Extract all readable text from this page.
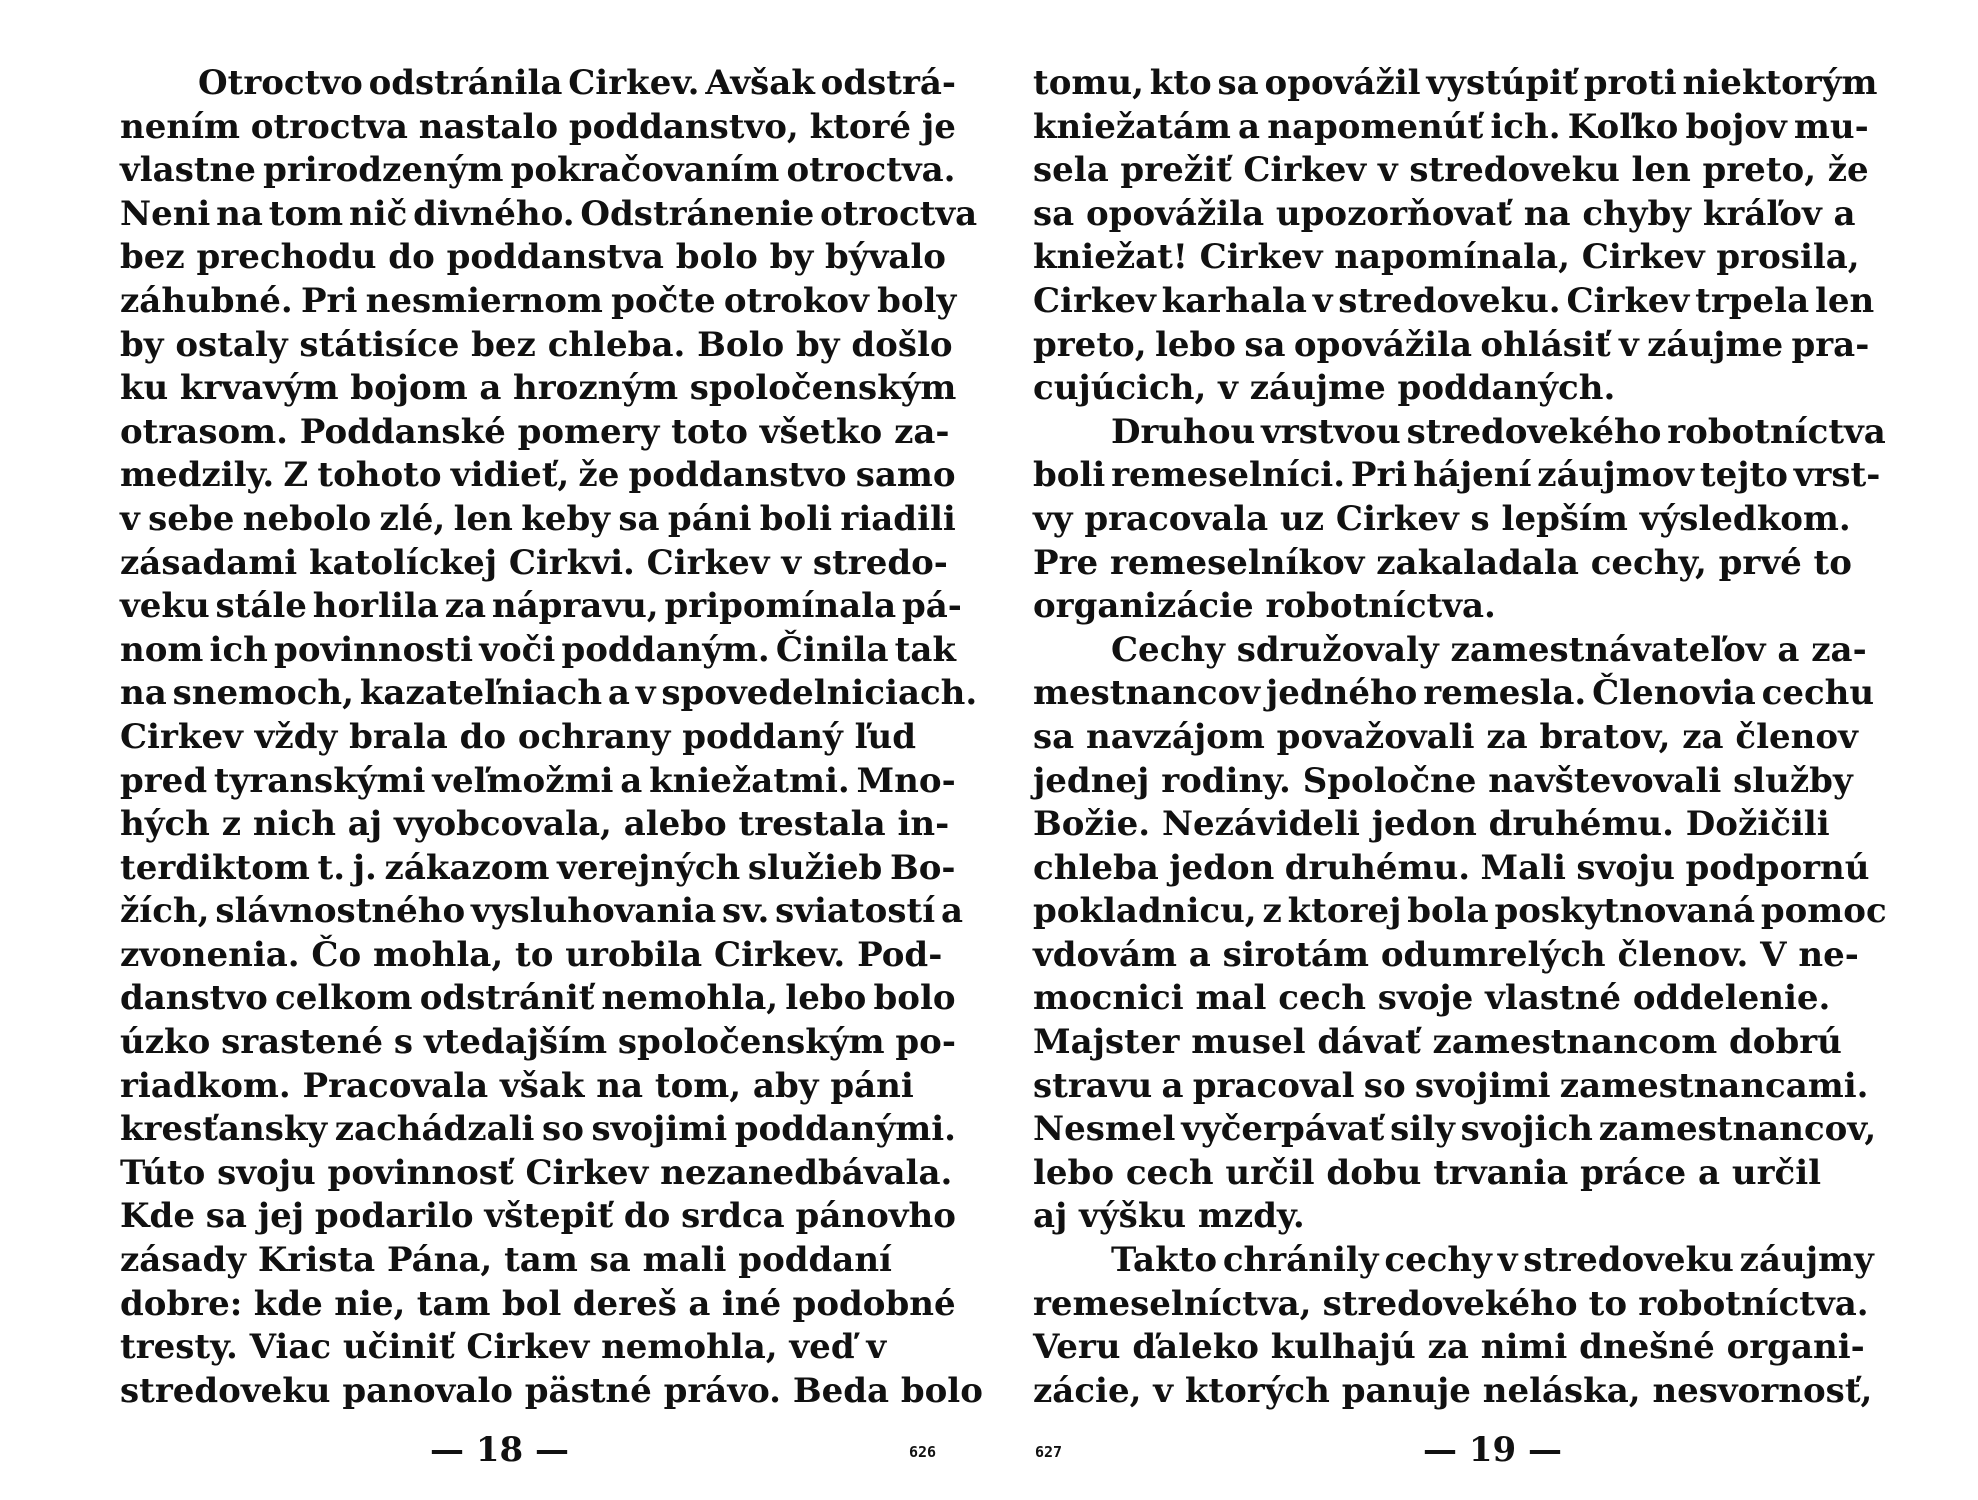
Otroctvo odstránila Cirkev. Avšak odstrá-
nením otroctva nastalo poddanstvo, ktoré je
vlastne prirodzeným pokračovaním otroctva.
Neni na tom nič divného. Odstránenie otroctva
bez prechodu do poddanstva bolo by bývalo
záhubné. Pri nesmiernom počte otrokov boly
by ostaly státisíce bez chleba. Bolo by došlo
ku krvavým bojom a hrozným spoločenským
otrasom. Poddanské pomery toto všetko za-
medzily. Z tohoto vidieť, že poddanstvo samo
v sebe nebolo zlé, len keby sa páni boli riadili
zásadami katolíckej Cirkvi. Cirkev v stredo-
veku stále horlila za nápravu, pripomínala pá-
nom ich povinnosti voči poddaným. Činila tak
na snemoch, kazateľniach a v spovedelniciach.
Cirkev vždy brala do ochrany poddaný ľud
pred tyranskými veľmožmi a kniežatmi. Mno-
hých z nich aj vyobcovala, alebo trestala in-
terdiktom t. j. zákazom verejných služieb Bo-
žích, slávnostného vysluhovania sv. sviatostí a
zvonenia. Čo mohla, to urobila Cirkev. Pod-
danstvo celkom odstrániť nemohla, lebo bolo
úzko srastené s vtedajším spoločenským po-
riadkom. Pracovala však na tom, aby páni
kresťansky zachádzali so svojimi poddanými.
Túto svoju povinnosť Cirkev nezanedbávala.
Kde sa jej podarilo vštepiť do srdca pánovho
zásady Krista Pána, tam sa mali poddaní
dobre: kde nie, tam bol dereš a iné podobné
tresty. Viac učiniť Cirkev nemohla, veď v
stredoveku panovalo pästné právo. Beda bolo
— 18 —	626
tomu, kto sa opovážil vystúpiť proti niektorým
kniežatám a napomenúť ich. Koľko bojov mu-
sela prežiť Cirkev v stredoveku len preto, že
sa opovážila upozorňovať na chyby kráľov a
kniežat! Cirkev napomínala, Cirkev prosila,
Cirkev karhala v stredoveku. Cirkev trpela len
preto, lebo sa opovážila ohlásiť v záujme pra-
cujúcich, v záujme poddaných.
Druhou vrstvou stredovekého robotníctva
boli remeselníci. Pri hájení záujmov tejto vrst-
vy pracovala uz Cirkev s lepším výsledkom.
Pre remeselníkov zakaladala cechy, prvé to
organizácie robotníctva.
Cechy sdružovaly zamestnávateľov a za-
mestnancov jedného remesla. Členovia cechu
sa navzájom považovali za bratov, za členov
jednej rodiny. Spoločne navštevovali služby
Božie. Nezávideli jedon druhému. Dožičili
chleba jedon druhému. Mali svoju podpornú
pokladnicu, z ktorej bola poskytnovaná pomoc
vdovám a sirotám odumrelých členov. V ne-
mocnici mal cech svoje vlastné oddelenie.
Majster musel dávať zamestnancom dobrú
stravu a pracoval so svojimi zamestnancami.
Nesmel vyčerpávať sily svojich zamestnancov,
lebo cech určil dobu trvania práce a určil
aj výšku mzdy.
Takto chránily cechy v stredoveku záujmy
remeselníctva, stredovekého to robotníctva.
Veru ďaleko kulhajú za nimi dnešné organi-
zácie, v ktorých panuje neláska, nesvornosť,
— 19 —
627
